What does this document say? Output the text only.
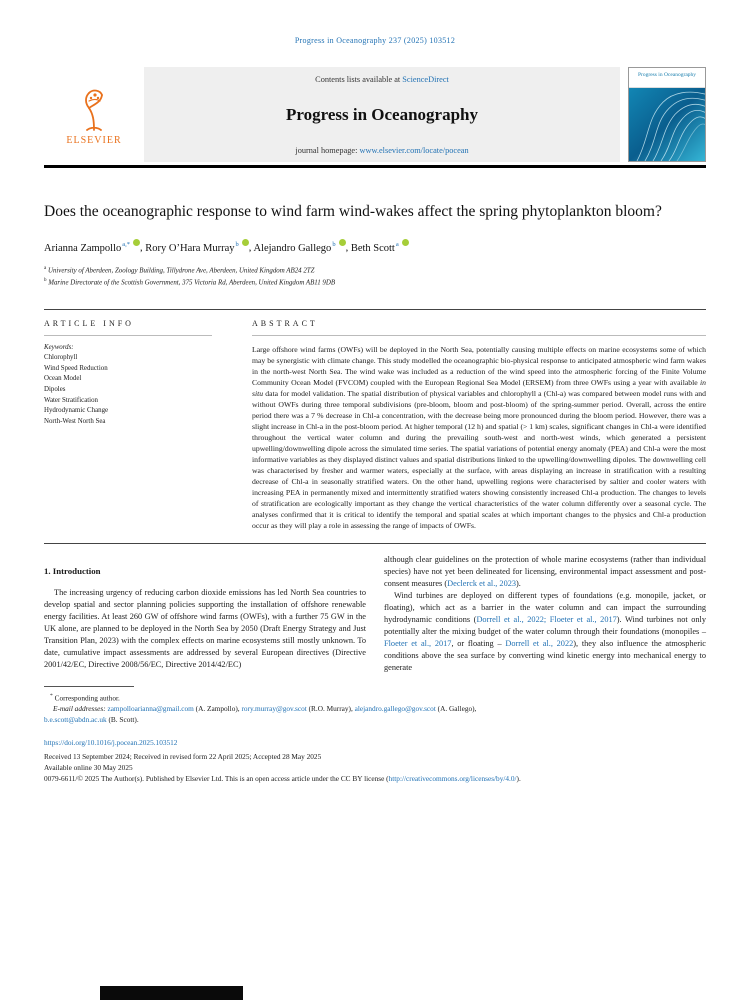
Progress in Oceanography 237 (2025) 103512
ELSEVIER
Contents lists available at ScienceDirect
Progress in Oceanography
journal homepage: www.elsevier.com/locate/pocean
Progress in Oceanography
Does the oceanographic response to wind farm wind-wakes affect the spring phytoplankton bloom?
Arianna Zampollo$^{a,*}$ , Rory O’Hara Murray$^b$ , Alejandro Gallego$^b$ , Beth Scott$^a$
$^a$ University of Aberdeen, Zoology Building, Tillydrone Ave, Aberdeen, United Kingdom AB24 2TZ
$^b$ Marine Directorate of the Scottish Government, 375 Victoria Rd, Aberdeen, United Kingdom AB11 9DB
ARTICLE INFO
Keywords:
Chlorophyll
Wind Speed Reduction
Ocean Model
Dipoles
Water Stratification
Hydrodynamic Change
North-West North Sea
ABSTRACT

Large offshore wind farms (OWFs) will be deployed in the North Sea, potentially causing multiple effects on marine ecosystems some of which may be synergistic with climate change. This study modelled the oceanographic bio-physical response to anticipated atmospheric wind farm wakes in the north-west North Sea. The wind wake was included as a reduction of the wind speed into the atmospheric forcing of the Finite Volume Community Ocean Model (FVCOM) coupled with the European Regional Sea Model (ERSEM) from three OWFs using a year with available in situ data for model validation. The spatial distribution of physical variables and chlorophyll a (Chl-a) was compared between model runs with and without OWFs during three temporal subdivisions (pre-bloom, bloom and post-bloom) of the spring-summer period. Overall, across the entire period there was a 7 % decrease in Chl-a concentration, with the decrease being more pronounced during the bloom period. However, there was a slight increase in Chl-a in the post-bloom period. At higher temporal (12 h) and spatial (> 1 km) scales, significant changes in Chl-a were identified throughout the vertical water column and during the prevailing south-west and north-west winds, which generated a persistent upwelling/downwelling dipole across the simulated time series. The spatial variations of potential energy anomaly (PEA) and Chl-a were the most informative variables as they displayed distinct values and spatial distributions linked to the upwelling/downwelling dipoles. The downwelling cell was characterised by fresher and warmer waters, especially at the surface, with areas displaying an increase in stratification with a resulting decrease of Chl-a in seasonally stratified waters. On the other hand, upwelling regions were characterised by saltier and cooler waters with increasing PEA in permanently mixed and intermittently stratified waters showing consistently increased Chl-a production. The changes to levels of stratification are ecologically important as they change the vertical characteristics of the water column differently over a seasonal cycle. The analyses confirmed that it is critical to identify the temporal and spatial scales at which important changes to the physics and Chl-a production occur as they will play a role in assessing the range of impacts of OWFs.

1. Introduction

The increasing urgency of reducing carbon dioxide emissions has led North Sea countries to develop spatial and sector planning policies supporting the installation of offshore renewable energy facilities. At least 260 GW of offshore wind farms (OWFs), with a further 75 GW in the UK alone, are planned to be deployed in the North Sea by 2050 (Draft Energy Strategy and Just Transition Plan, 2023) with the complex effects on marine ecosystems still mostly unknown. To date, cumulative impact assessments are addressed by several European directives (Directive 2001/42/EC, Directive 2008/56/EC, Directive 2014/42/EC)

although clear guidelines on the protection of whole marine ecosystems (rather than individual species) have not yet been delineated for licensing, environmental impact assessment and post-consent measures (Declerck et al., 2023).

Wind turbines are deployed on different types of foundations (e.g. monopile, jacket, or floating), which act as a barrier in the water column and can impact the surrounding hydrodynamic conditions (Dorrell et al., 2022; Floeter et al., 2017). Wind turbines not only potentially alter the mixing budget of the water column through their foundations (monopiles – Floeter et al., 2017, or floating – Dorrell et al., 2022), they also influence the atmospheric conditions above the sea surface by converting wind kinetic energy into mechanical energy to generate

* Corresponding author.
E-mail addresses: zampolloarianna@gmail.com (A. Zampollo), rory.murray@gov.scot (R.O. Murray), alejandro.gallego@gov.scot (A. Gallego),
b.e.scott@abdn.ac.uk (B. Scott).
https://doi.org/10.1016/j.pocean.2025.103512
Received 13 September 2024; Received in revised form 22 April 2025; Accepted 28 May 2025
Available online 30 May 2025
0079-6611/© 2025 The Author(s). Published by Elsevier Ltd. This is an open access article under the CC BY license (http://creativecommons.org/licenses/by/4.0/).
